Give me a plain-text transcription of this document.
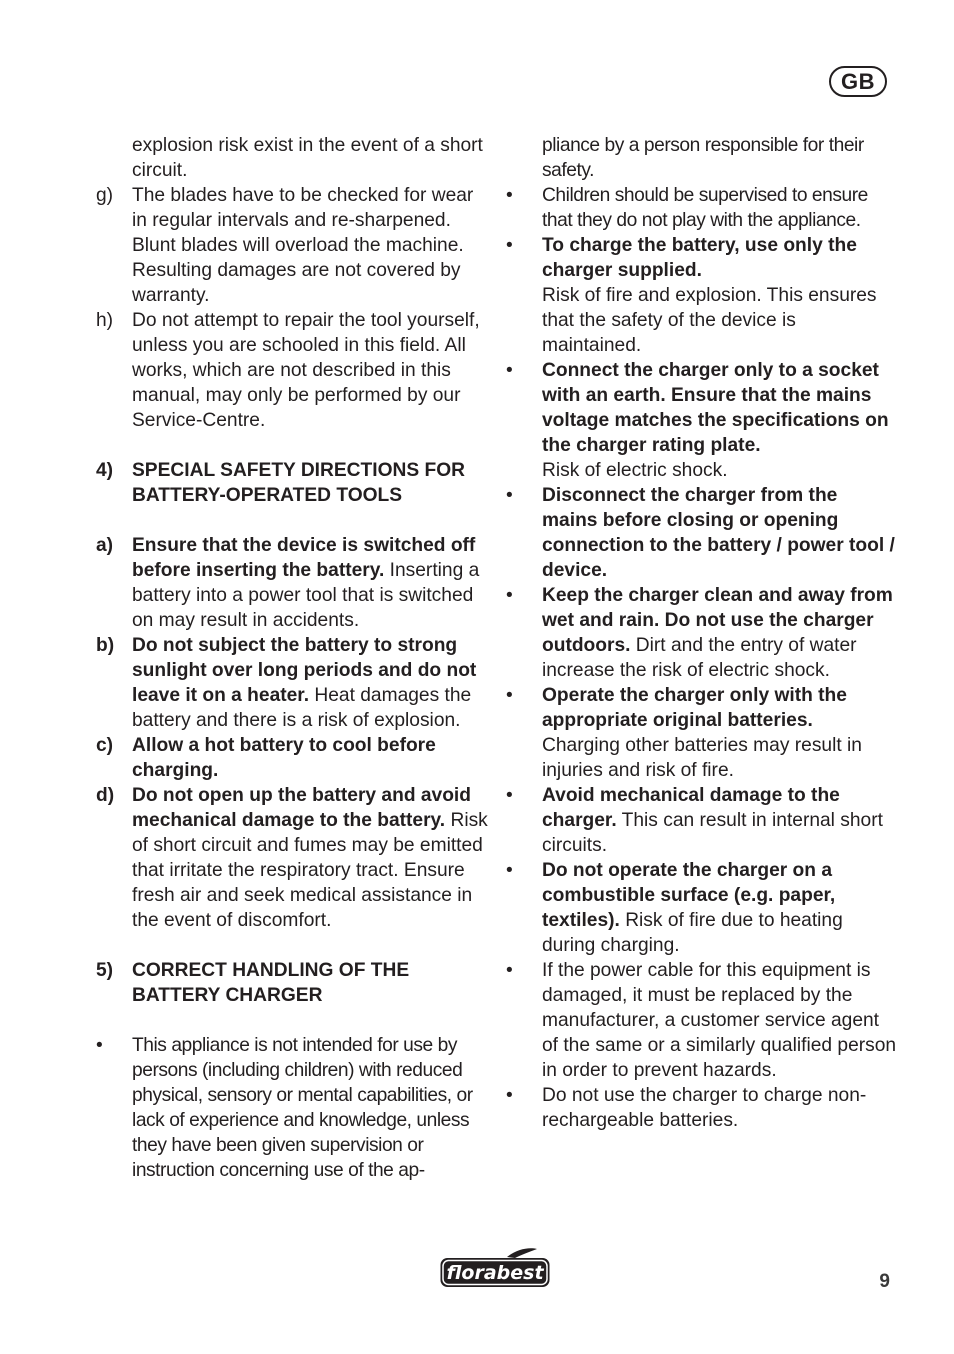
GB
explosion risk exist in the event of a short circuit.
g) The blades have to be checked for wear in regular intervals and re-sharpened. Blunt blades will overload the machine. Resulting damages are not covered by warranty.
h) Do not attempt to repair the tool yourself, unless you are schooled in this field. All works, which are not described in this manual, may only be performed by our Service-Centre.
4) SPECIAL SAFETY DIRECTIONS FOR BATTERY-OPERATED TOOLS
a) Ensure that the device is switched off before inserting the battery. Inserting a battery into a power tool that is switched on may result in accidents.
b) Do not subject the battery to strong sunlight over long periods and do not leave it on a heater. Heat damages the battery and there is a risk of explosion.
c) Allow a hot battery to cool before charging.
d) Do not open up the battery and avoid mechanical damage to the battery. Risk of short circuit and fumes may be emitted that irritate the respiratory tract. Ensure fresh air and seek medical assistance in the event of discomfort.
5) CORRECT HANDLING OF THE BATTERY CHARGER
•	This appliance is not intended for use by persons (including children) with reduced physical, sensory or mental capabilities, or lack of experience and knowledge, unless they have been given supervision or instruction concerning use of the ap-
pliance by a person responsible for their safety.
•	Children should be supervised to ensure that they do not play with the appliance.
•	To charge the battery, use only the charger supplied.
Risk of fire and explosion. This ensures that the safety of the device is maintained.
•	Connect the charger only to a socket with an earth. Ensure that the mains voltage matches the specifications on the charger rating plate.
Risk of electric shock.
•	Disconnect the charger from the mains before closing or opening connection to the battery / power tool / device.
•	Keep the charger clean and away from wet and rain. Do not use the charger outdoors. Dirt and the entry of water increase the risk of electric shock.
•	Operate the charger only with the appropriate original batteries.
Charging other batteries may result in injuries and risk of fire.
•	Avoid mechanical damage to the charger. This can result in internal short circuits.
•	Do not operate the charger on a combustible surface (e.g. paper, textiles). Risk of fire due to heating during charging.
•	If the power cable for this equipment is damaged, it must be replaced by the manufacturer, a customer service agent of the same or a similarly qualified person in order to prevent hazards.
•	Do not use the charger to charge non-rechargeable batteries.
florabest	9
